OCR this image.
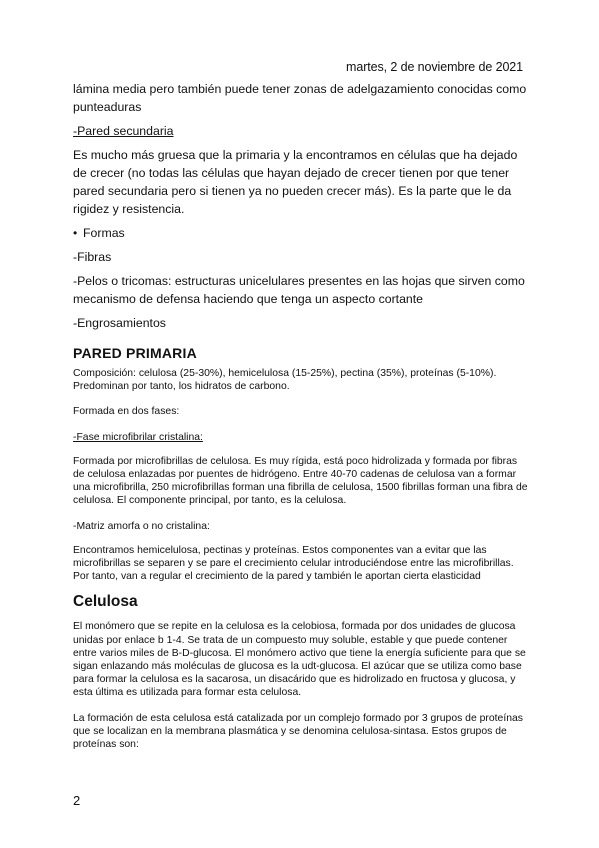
martes, 2 de noviembre de 2021

lámina media pero también puede tener zonas de adelgazamiento conocidas como punteaduras

-Pared secundaria

Es mucho más gruesa que la primaria y la encontramos en células que ha dejado de crecer (no todas las células que hayan dejado de crecer tienen por que tener pared secundaria pero si tienen ya no pueden crecer más). Es la parte que le da rigidez y resistencia.

• Formas

-Fibras

-Pelos o tricomas: estructuras unicelulares presentes en las hojas que sirven como mecanismo de defensa haciendo que tenga un aspecto cortante

-Engrosamientos

PARED PRIMARIA

Composición: celulosa (25-30%), hemicelulosa (15-25%), pectina (35%), proteínas (5-10%). Predominan por tanto, los hidratos de carbono.

Formada en dos fases:

-Fase microfibrilar cristalina:

Formada por microfibrillas de celulosa. Es muy rígida, está poco hidrolizada y formada por fibras de celulosa enlazadas por puentes de hidrógeno. Entre 40-70 cadenas de celulosa van a formar una microfibrilla, 250 microfibrillas forman una fibrilla de celulosa, 1500 fibrillas forman una fibra de celulosa. El componente principal, por tanto, es la celulosa.

-Matriz amorfa o no cristalina:

Encontramos hemicelulosa, pectinas y proteínas. Estos componentes van a evitar que las microfibrillas se separen y se pare el crecimiento celular introduciéndose entre las microfibrillas. Por tanto, van a regular el crecimiento de la pared y también le aportan cierta elasticidad

Celulosa

El monómero que se repite en la celulosa es la celobiosa, formada por dos unidades de glucosa unidas por enlace b 1-4. Se trata de un compuesto muy soluble, estable y que puede contener entre varios miles de B-D-glucosa. El monómero activo que tiene la energía suficiente para que se sigan enlazando más moléculas de glucosa es la udt-glucosa. El azúcar que se utiliza como base para formar la celulosa es la sacarosa, un disacárido que es hidrolizado en fructosa y glucosa, y esta última es utilizada para formar esta celulosa.

La formación de esta celulosa está catalizada por un complejo formado por 3 grupos de proteínas que se localizan en la membrana plasmática y se denomina celulosa-sintasa. Estos grupos de proteínas son:

2
